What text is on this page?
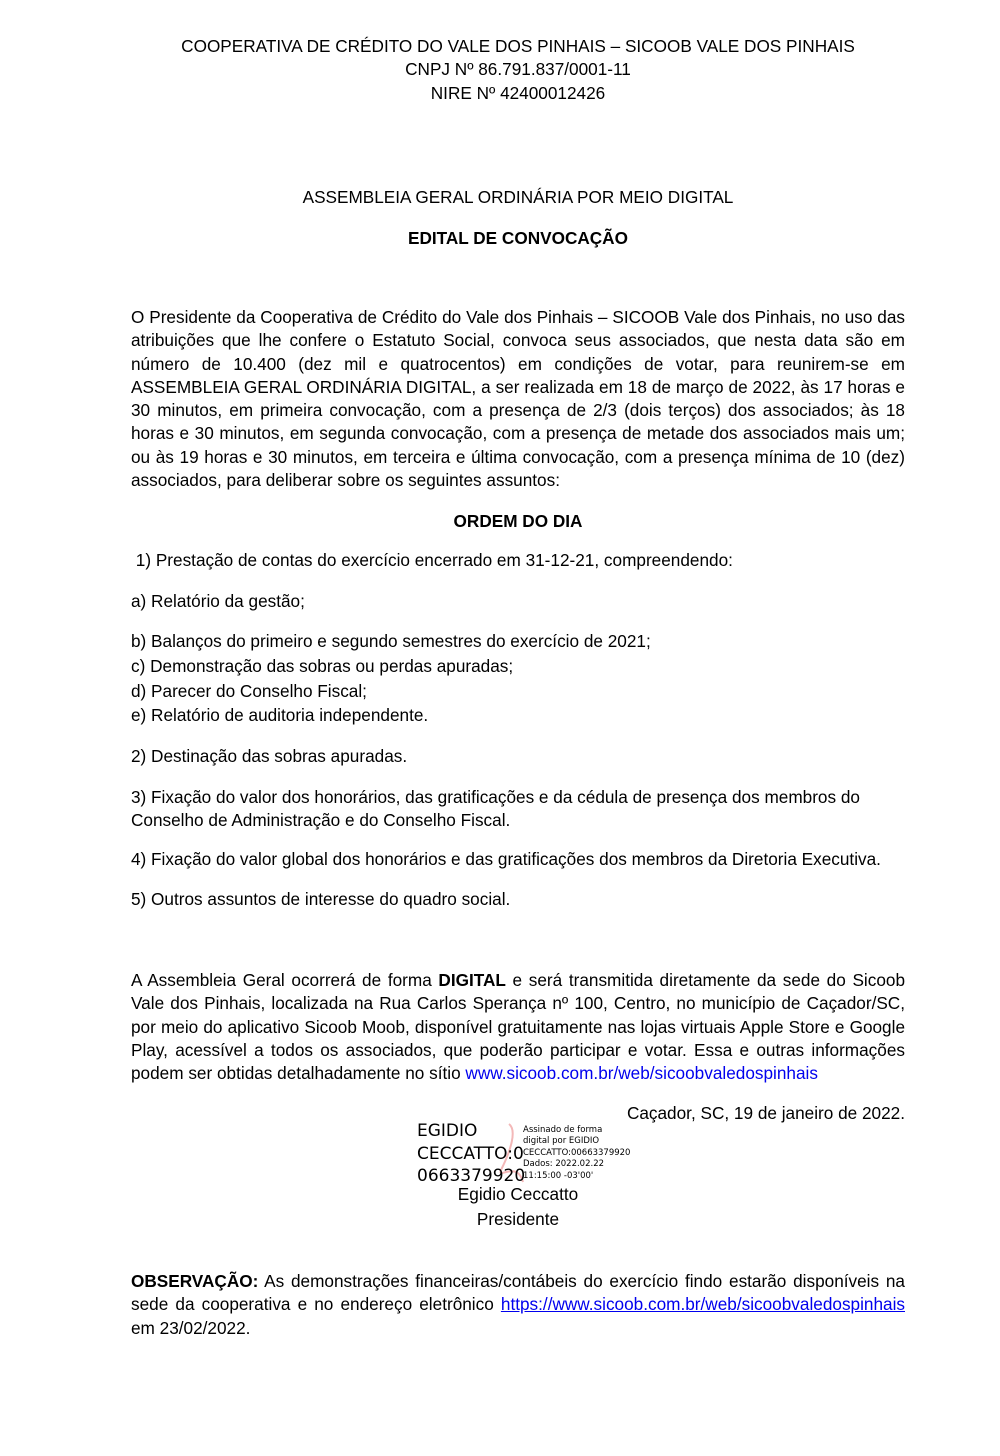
COOPERATIVA DE CRÉDITO DO VALE DOS PINHAIS – SICOOB VALE DOS PINHAIS
CNPJ Nº 86.791.837/0001-11
NIRE Nº 42400012426
ASSEMBLEIA GERAL ORDINÁRIA POR MEIO DIGITAL
EDITAL DE CONVOCAÇÃO
O Presidente da Cooperativa de Crédito do Vale dos Pinhais – SICOOB Vale dos Pinhais, no uso das atribuições que lhe confere o Estatuto Social, convoca seus associados, que nesta data são em número de 10.400 (dez mil e quatrocentos) em condições de votar, para reunirem-se em ASSEMBLEIA GERAL ORDINÁRIA DIGITAL, a ser realizada em 18 de março de 2022, às 17 horas e 30 minutos, em primeira convocação, com a presença de 2/3 (dois terços) dos associados; às 18 horas e 30 minutos, em segunda convocação, com a presença de metade dos associados mais um; ou às 19 horas e 30 minutos, em terceira e última convocação, com a presença mínima de 10 (dez) associados, para deliberar sobre os seguintes assuntos:
ORDEM DO DIA
1) Prestação de contas do exercício encerrado em 31-12-21, compreendendo:
a) Relatório da gestão;
b) Balanços do primeiro e segundo semestres do exercício de 2021;
c) Demonstração das sobras ou perdas apuradas;
d) Parecer do Conselho Fiscal;
e) Relatório de auditoria independente.
2) Destinação das sobras apuradas.
3) Fixação do valor dos honorários, das gratificações e da cédula de presença dos membros do Conselho de Administração e do Conselho Fiscal.
4) Fixação do valor global dos honorários e das gratificações dos membros da Diretoria Executiva.
5) Outros assuntos de interesse do quadro social.
A Assembleia Geral ocorrerá de forma DIGITAL e será transmitida diretamente da sede do Sicoob Vale dos Pinhais, localizada na Rua Carlos Sperança nº 100, Centro, no município de Caçador/SC, por meio do aplicativo Sicoob Moob, disponível gratuitamente nas lojas virtuais Apple Store e Google Play, acessível a todos os associados, que poderão participar e votar. Essa e outras informações podem ser obtidas detalhadamente no sítio www.sicoob.com.br/web/sicoobvaledospinhais
Caçador, SC, 19 de janeiro de 2022.
EGIDIO
CECCATTO:0
0663379920
Assinado de forma
digital por EGIDIO
CECCATTO:00663379920
Dados: 2022.02.22
11:15:00 -03'00'
Egidio Ceccatto
Presidente
OBSERVAÇÃO: As demonstrações financeiras/contábeis do exercício findo estarão disponíveis na sede da cooperativa e no endereço eletrônico https://www.sicoob.com.br/web/sicoobvaledospinhais em 23/02/2022.
